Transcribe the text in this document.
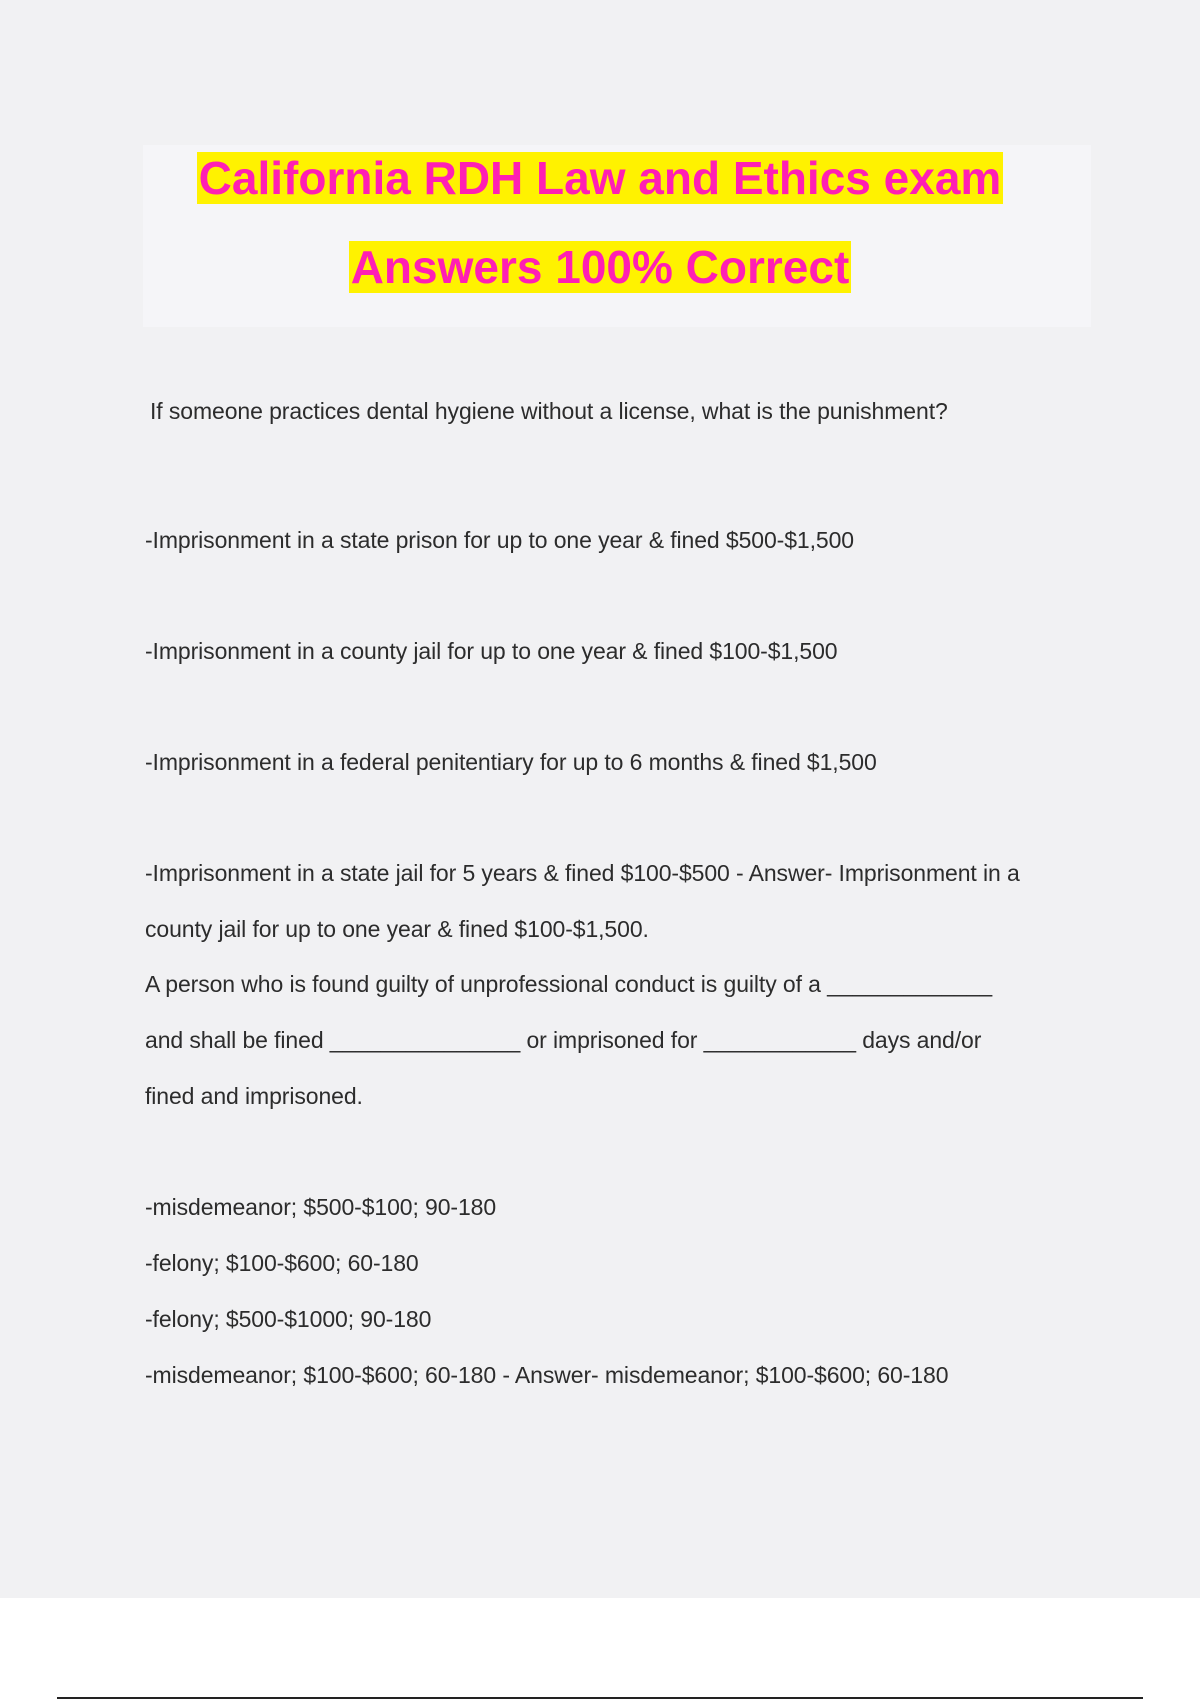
California RDH Law and Ethics exam
Answers 100% Correct
If someone practices dental hygiene without a license, what is the punishment?
-Imprisonment in a state prison for up to one year & fined $500-$1,500
-Imprisonment in a county jail for up to one year & fined $100-$1,500
-Imprisonment in a federal penitentiary for up to 6 months & fined $1,500
-Imprisonment in a state jail for 5 years & fined $100-$500 - Answer- Imprisonment in a
county jail for up to one year & fined $100-$1,500.
A person who is found guilty of unprofessional conduct is guilty of a _____________
and shall be fined _______________ or imprisoned for ____________ days and/or
fined and imprisoned.
-misdemeanor; $500-$100; 90-180
-felony; $100-$600; 60-180
-felony; $500-$1000; 90-180
-misdemeanor; $100-$600; 60-180 - Answer- misdemeanor; $100-$600; 60-180
